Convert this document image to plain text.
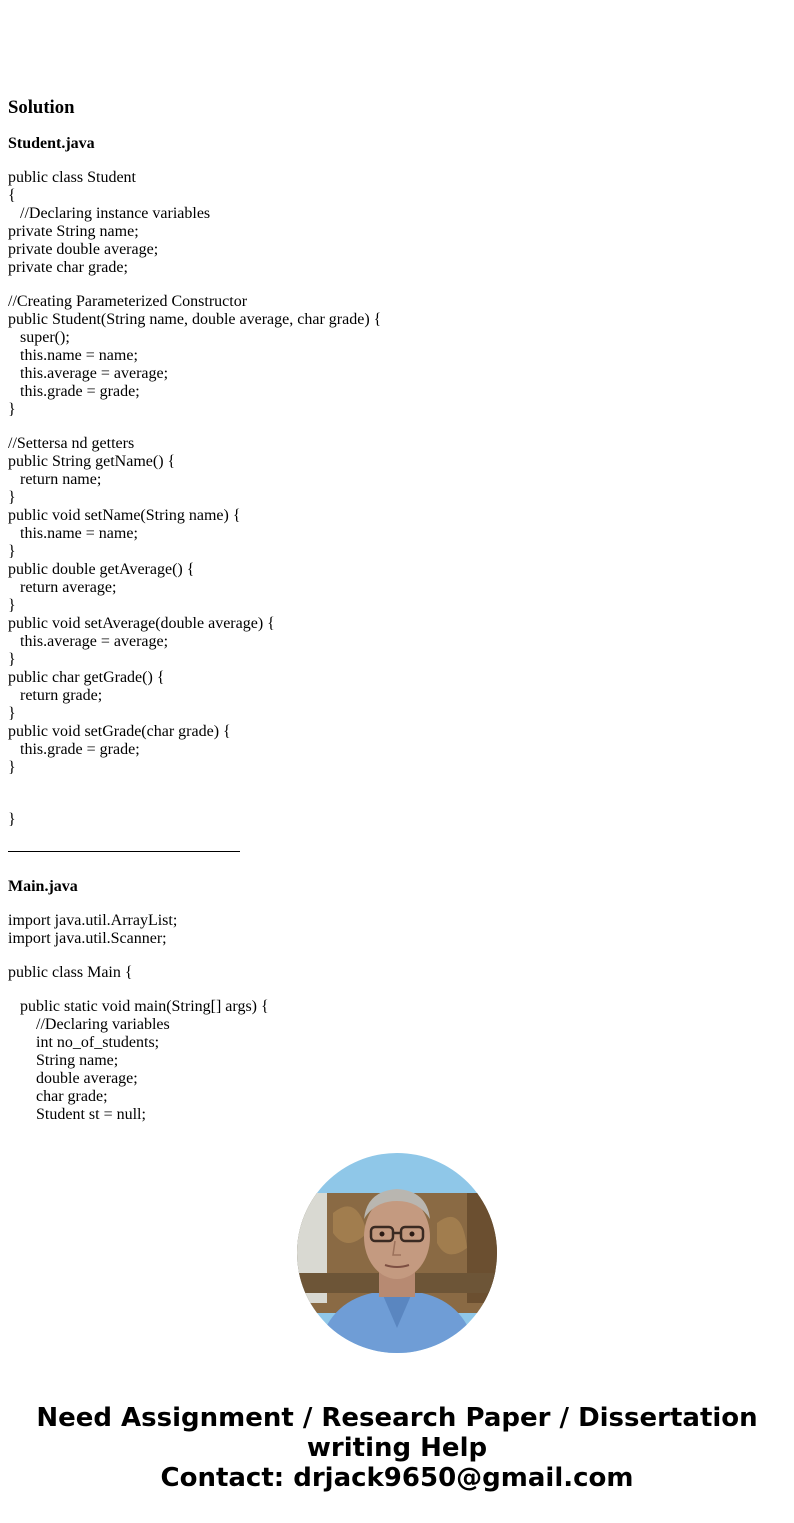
Solution
Student.java
public class Student
{
//Declaring instance variables
private String name;
private double average;
private char grade;
//Creating Parameterized Constructor
public Student(String name, double average, char grade) {
super();
this.name = name;
this.average = average;
this.grade = grade;
}
//Settersa nd getters
public String getName() {
return name;
}
public void setName(String name) {
this.name = name;
}
public double getAverage() {
return average;
}
public void setAverage(double average) {
this.average = average;
}
public char getGrade() {
return grade;
}
public void setGrade(char grade) {
this.grade = grade;
}
}
Main.java
import java.util.ArrayList;
import java.util.Scanner;
public class Main {
public static void main(String[] args) {
//Declaring variables
int no_of_students;
String name;
double average;
char grade;
Student st = null;
Need Assignment / Research Paper / Dissertation
writing Help
Contact: drjack9650@gmail.com
